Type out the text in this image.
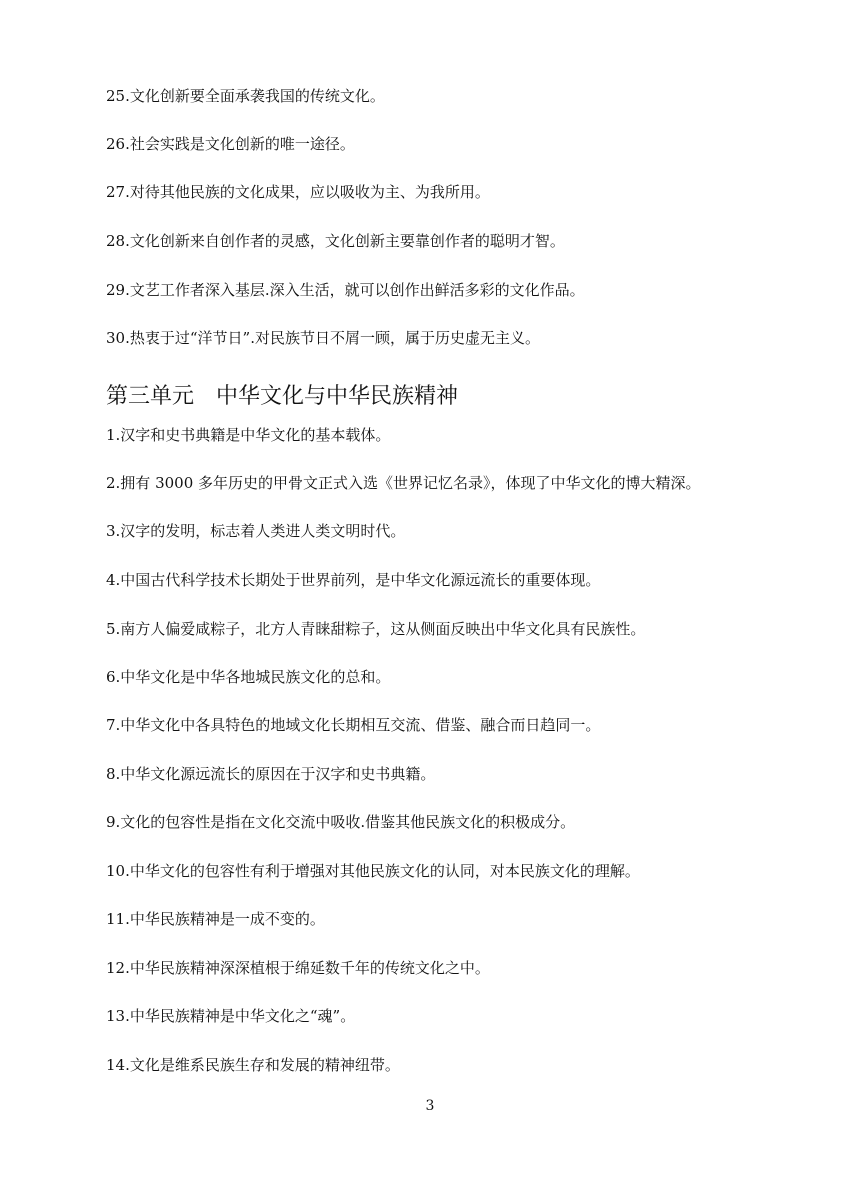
25.文化创新要全面承袭我国的传统文化。

26.社会实践是文化创新的唯一途径。

27.对待其他民族的文化成果，应以吸收为主、为我所用。

28.文化创新来自创作者的灵感，文化创新主要靠创作者的聪明才智。

29.文艺工作者深入基层.深入生活，就可以创作出鲜活多彩的文化作品。

30.热衷于过“洋节日”.对民族节日不屑一顾，属于历史虚无主义。

第三单元　中华文化与中华民族精神

1.汉字和史书典籍是中华文化的基本载体。

2.拥有 3000 多年历史的甲骨文正式入选《世界记忆名录》，体现了中华文化的博大精深。

3.汉字的发明，标志着人类进人类文明时代。

4.中国古代科学技术长期处于世界前列，是中华文化源远流长的重要体现。

5.南方人偏爱咸粽子，北方人青睐甜粽子，这从侧面反映出中华文化具有民族性。

6.中华文化是中华各地城民族文化的总和。

7.中华文化中各具特色的地域文化长期相互交流、借鉴、融合而日趋同一。

8.中华文化源远流长的原因在于汉字和史书典籍。

9.文化的包容性是指在文化交流中吸收.借鉴其他民族文化的积极成分。

10.中华文化的包容性有利于增强对其他民族文化的认同，对本民族文化的理解。

11.中华民族精神是一成不变的。

12.中华民族精神深深植根于绵延数千年的传统文化之中。

13.中华民族精神是中华文化之“魂”。

14.文化是维系民族生存和发展的精神纽带。

3
